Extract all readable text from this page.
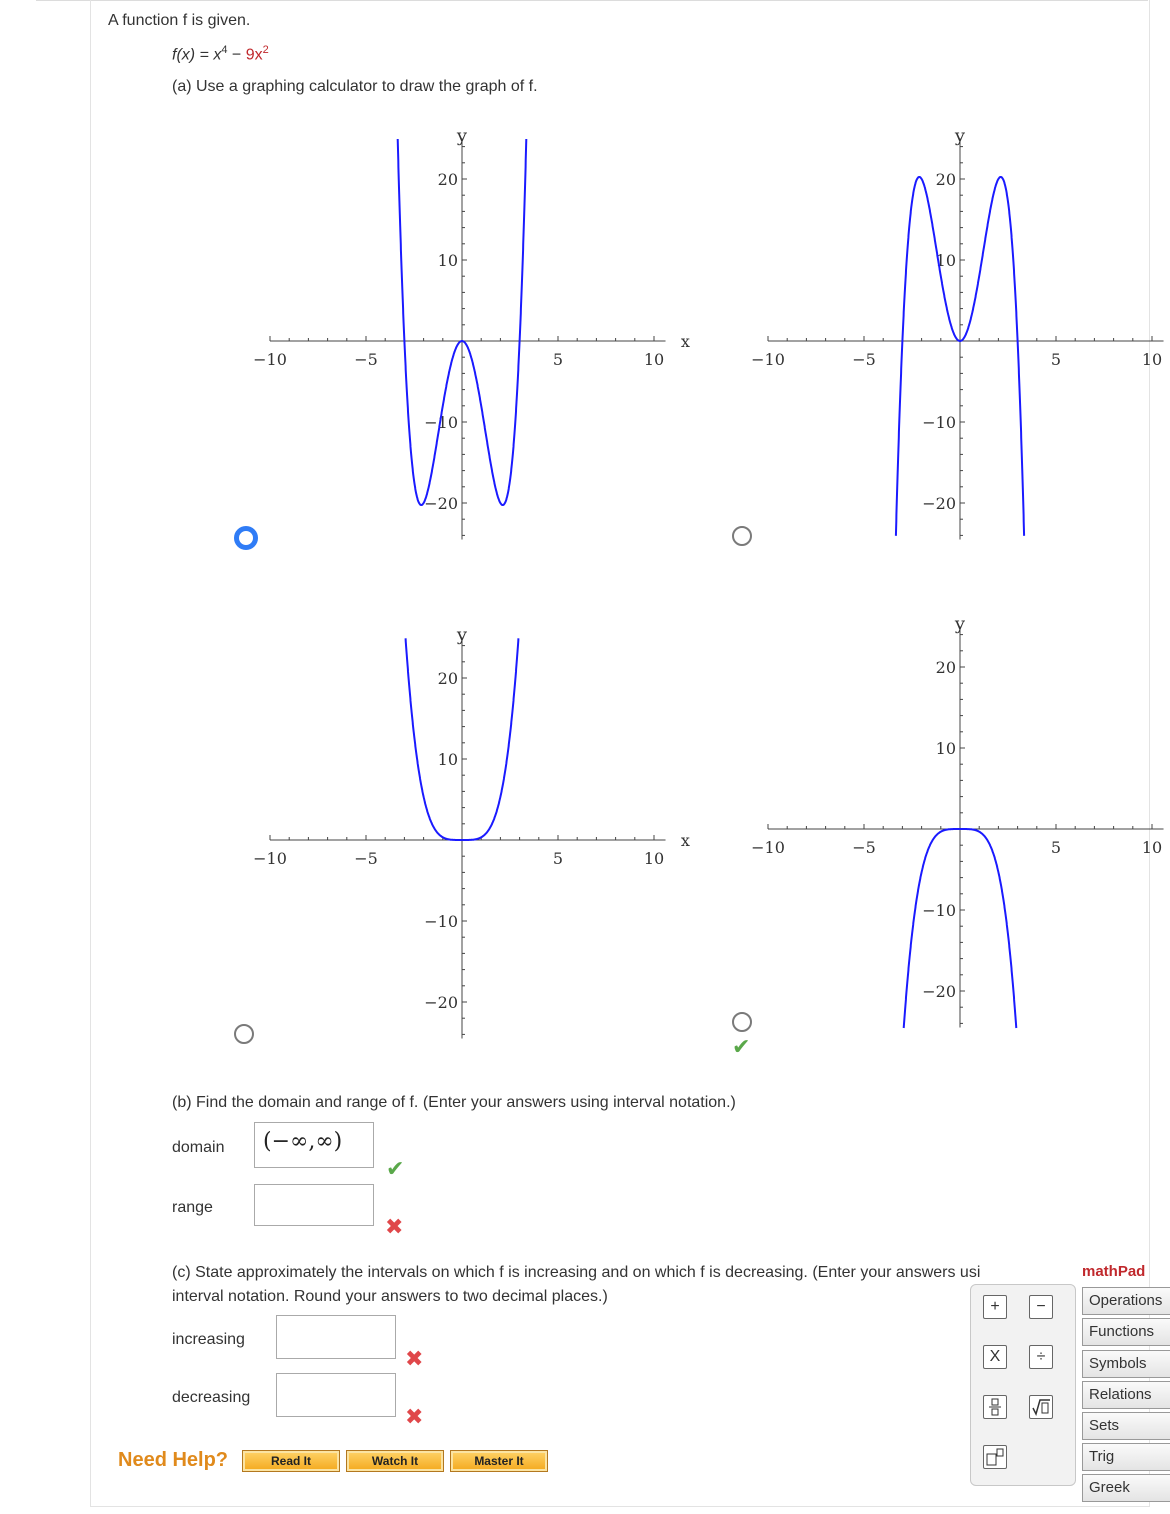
A function f is given.
$f(x) = x^4 - 9x^2$
(a) Use a graphing calculator to draw the graph of f.
−10	−5	5	10
20
10
−10
−20
x
y
−10	−5	5	10
20
10
−10
−20
y
−10	−5	5	10
20
10
−10
−20
x
y
−10	−5	5	10
20
10
−10
−20
y
✔
(b) Find the domain and range of f. (Enter your answers using interval notation.)
domain (−∞,∞)
✔
range
✖
(c) State approximately the intervals on which f is increasing and on which f is decreasing. (Enter your answers usi
interval notation. Round your answers to two decimal places.)
increasing
✖
decreasing
✖
Need Help?	Read It	Watch It	Master It
+	−
X	÷
mathPad
Operations
Functions
Symbols
Relations
Sets
Trig
Greek
